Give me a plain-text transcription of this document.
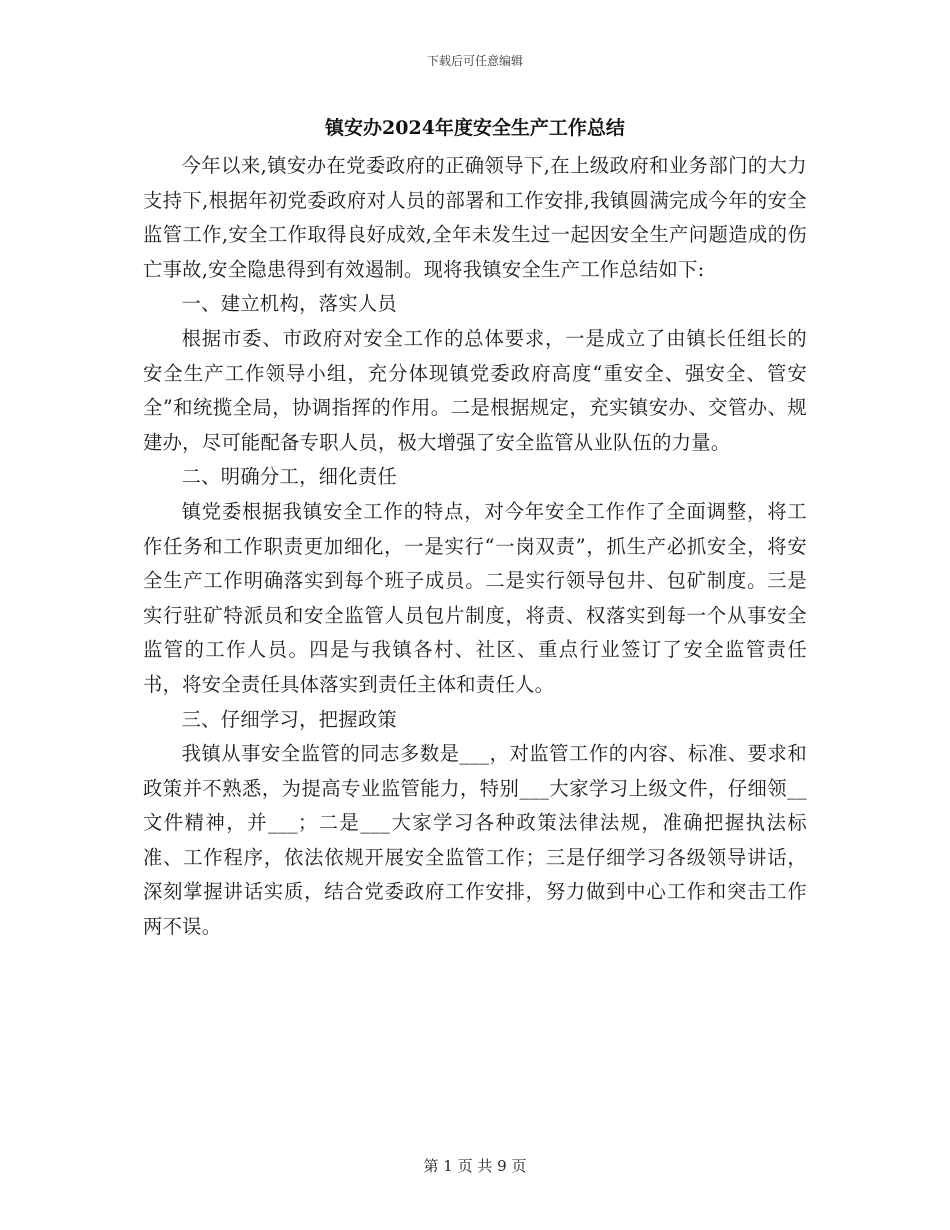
下载后可任意编辑
镇安办2024年度安全生产工作总结

今年以来,镇安办在党委政府的正确领导下,在上级政府和业务部门的大力支持下,根据年初党委政府对人员的部署和工作安排,我镇圆满完成今年的安全监管工作,安全工作取得良好成效,全年未发生过一起因安全生产问题造成的伤亡事故,安全隐患得到有效遏制。现将我镇安全生产工作总结如下:

一、建立机构，落实人员

根据市委、市政府对安全工作的总体要求，一是成立了由镇长任组长的安全生产工作领导小组，充分体现镇党委政府高度“重安全、强安全、管安全”和统揽全局，协调指挥的作用。二是根据规定，充实镇安办、交管办、规建办，尽可能配备专职人员，极大增强了安全监管从业队伍的力量。

二、明确分工，细化责任

镇党委根据我镇安全工作的特点，对今年安全工作作了全面调整，将工作任务和工作职责更加细化，一是实行“一岗双责”，抓生产必抓安全，将安全生产工作明确落实到每个班子成员。二是实行领导包井、包矿制度。三是实行驻矿特派员和安全监管人员包片制度，将责、权落实到每一个从事安全监管的工作人员。四是与我镇各村、社区、重点行业签订了安全监管责任书，将安全责任具体落实到责任主体和责任人。

三、仔细学习，把握政策

我镇从事安全监管的同志多数是___，对监管工作的内容、标准、要求和政策并不熟悉，为提高专业监管能力，特别___大家学习上级文件，仔细领__文件精神，并___；二是___大家学习各种政策法律法规，准确把握执法标准、工作程序，依法依规开展安全监管工作；三是仔细学习各级领导讲话，深刻掌握讲话实质，结合党委政府工作安排，努力做到中心工作和突击工作两不误。

第 1 页 共 9 页
